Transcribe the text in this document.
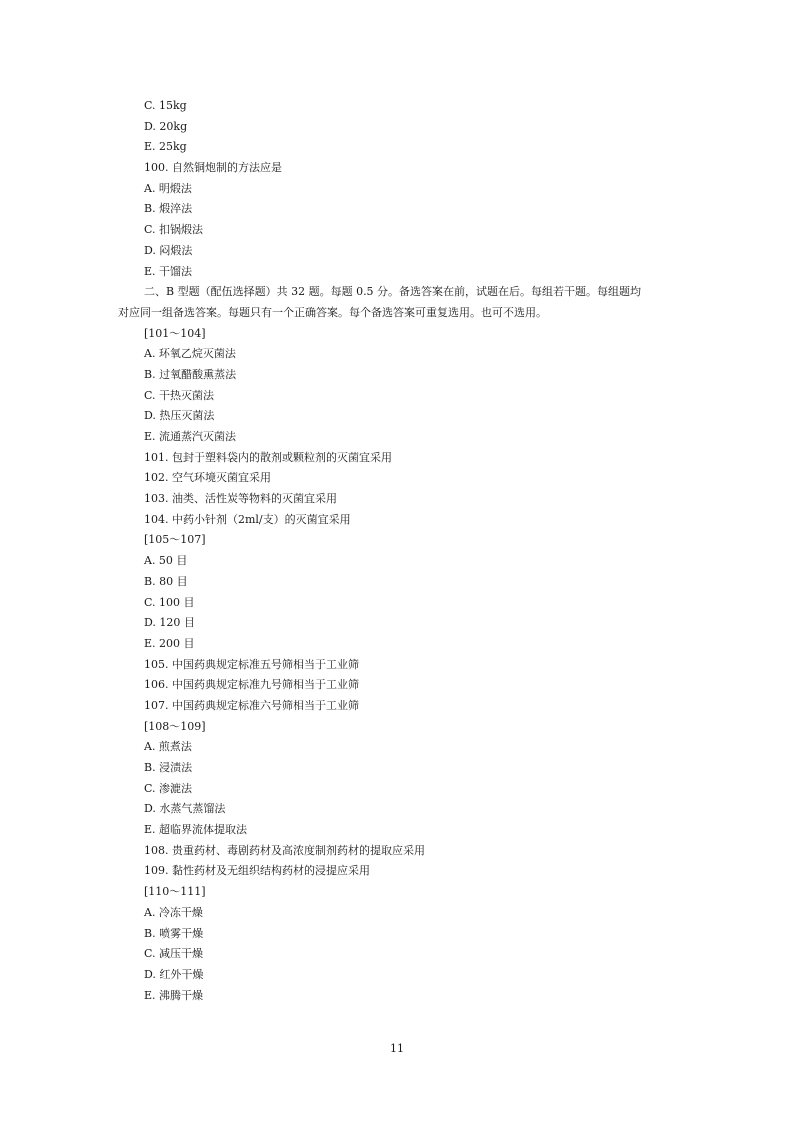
C. 15kg
D. 20kg
E. 25kg
100. 自然铜炮制的方法应是
A. 明煅法
B. 煅淬法
C. 扣锅煅法
D. 闷煅法
E. 干馏法
二、B 型题（配伍选择题）共 32 题。每题 0.5 分。备选答案在前，试题在后。每组若干题。每组题均
对应同一组备选答案。每题只有一个正确答案。每个备选答案可重复选用。也可不选用。
[101～104]
A. 环氧乙烷灭菌法
B. 过氧醋酸熏蒸法
C. 干热灭菌法
D. 热压灭菌法
E. 流通蒸汽灭菌法
101. 包封于塑料袋内的散剂或颗粒剂的灭菌宜采用
102. 空气环境灭菌宜采用
103. 油类、活性炭等物料的灭菌宜采用
104. 中药小针剂（2ml/支）的灭菌宜采用
[105～107]
A. 50 目
B. 80 目
C. 100 目
D. 120 目
E. 200 目
105. 中国药典规定标准五号筛相当于工业筛
106. 中国药典规定标准九号筛相当于工业筛
107. 中国药典规定标准六号筛相当于工业筛
[108～109]
A. 煎煮法
B. 浸渍法
C. 渗漉法
D. 水蒸气蒸馏法
E. 超临界流体提取法
108. 贵重药材、毒剧药材及高浓度制剂药材的提取应采用
109. 黏性药材及无组织结构药材的浸提应采用
[110～111]
A. 冷冻干燥
B. 喷雾干燥
C. 减压干燥
D. 红外干燥
E. 沸腾干燥
11
